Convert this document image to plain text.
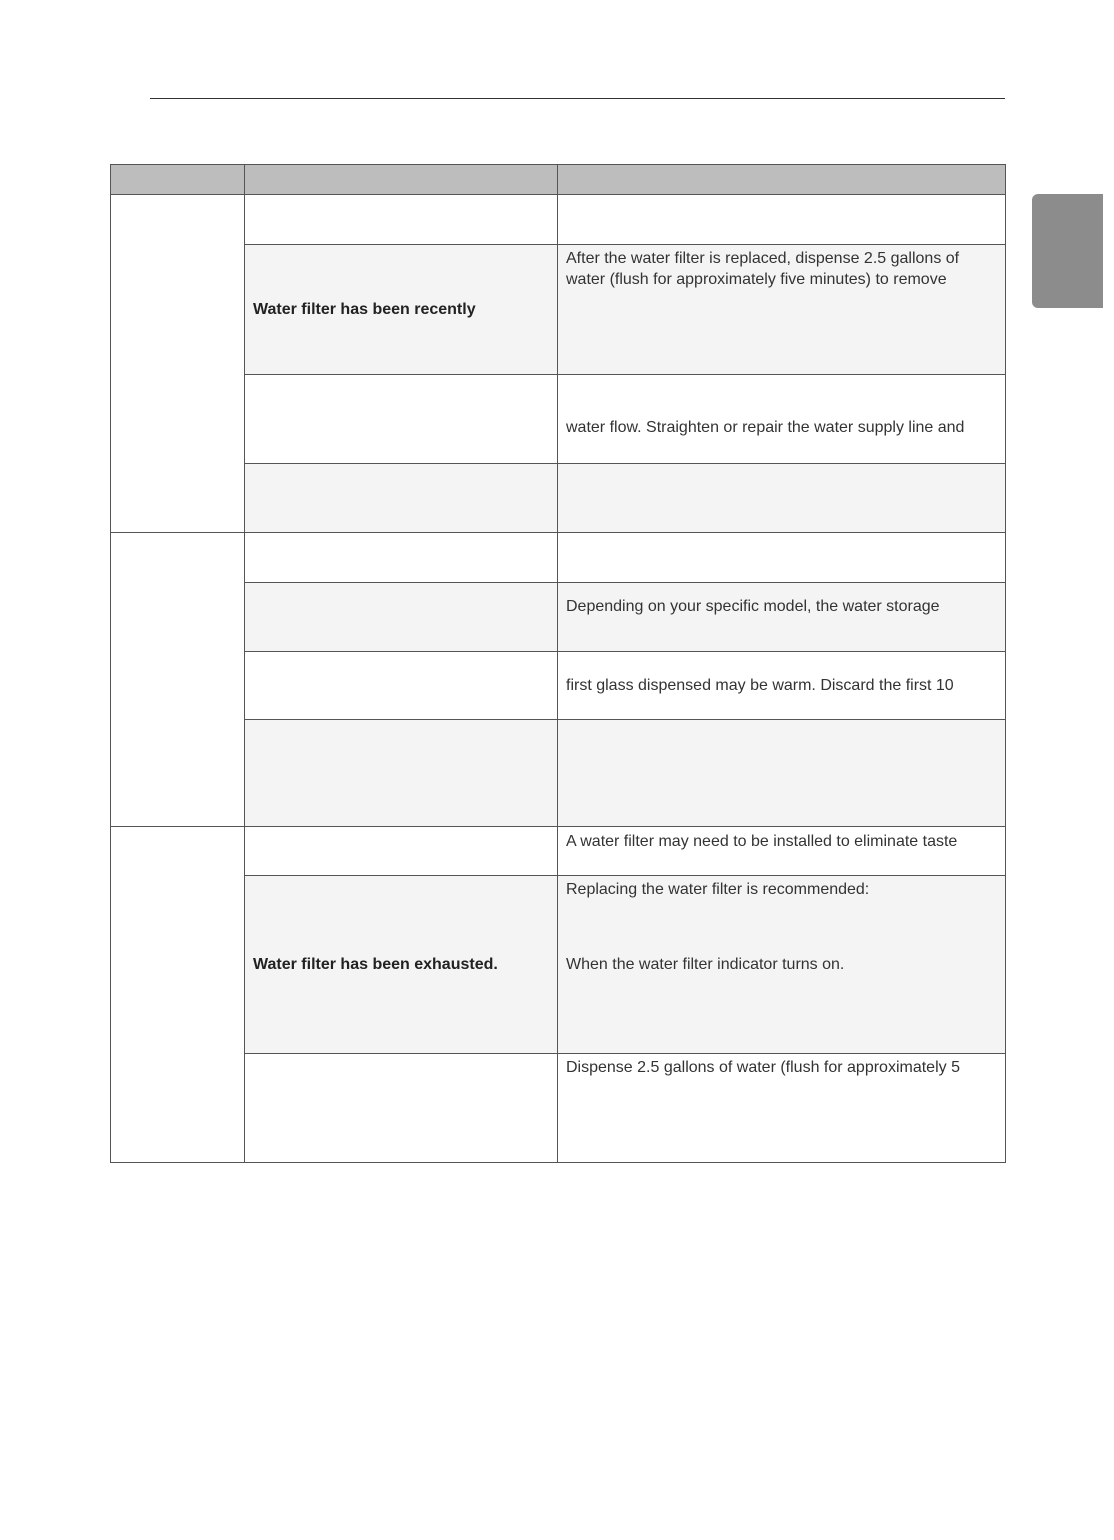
Water filter has been recently
After the water filter is replaced, dispense 2.5 gallons of
water (flush for approximately five minutes) to remove
water flow. Straighten or repair the water supply line and
Depending on your specific model, the water storage
first glass dispensed may be warm. Discard the first 10
A water filter may need to be installed to eliminate taste
Water filter has been exhausted.
Replacing the water filter is recommended:
When the water filter indicator turns on.
Dispense 2.5 gallons of water (flush for approximately 5
